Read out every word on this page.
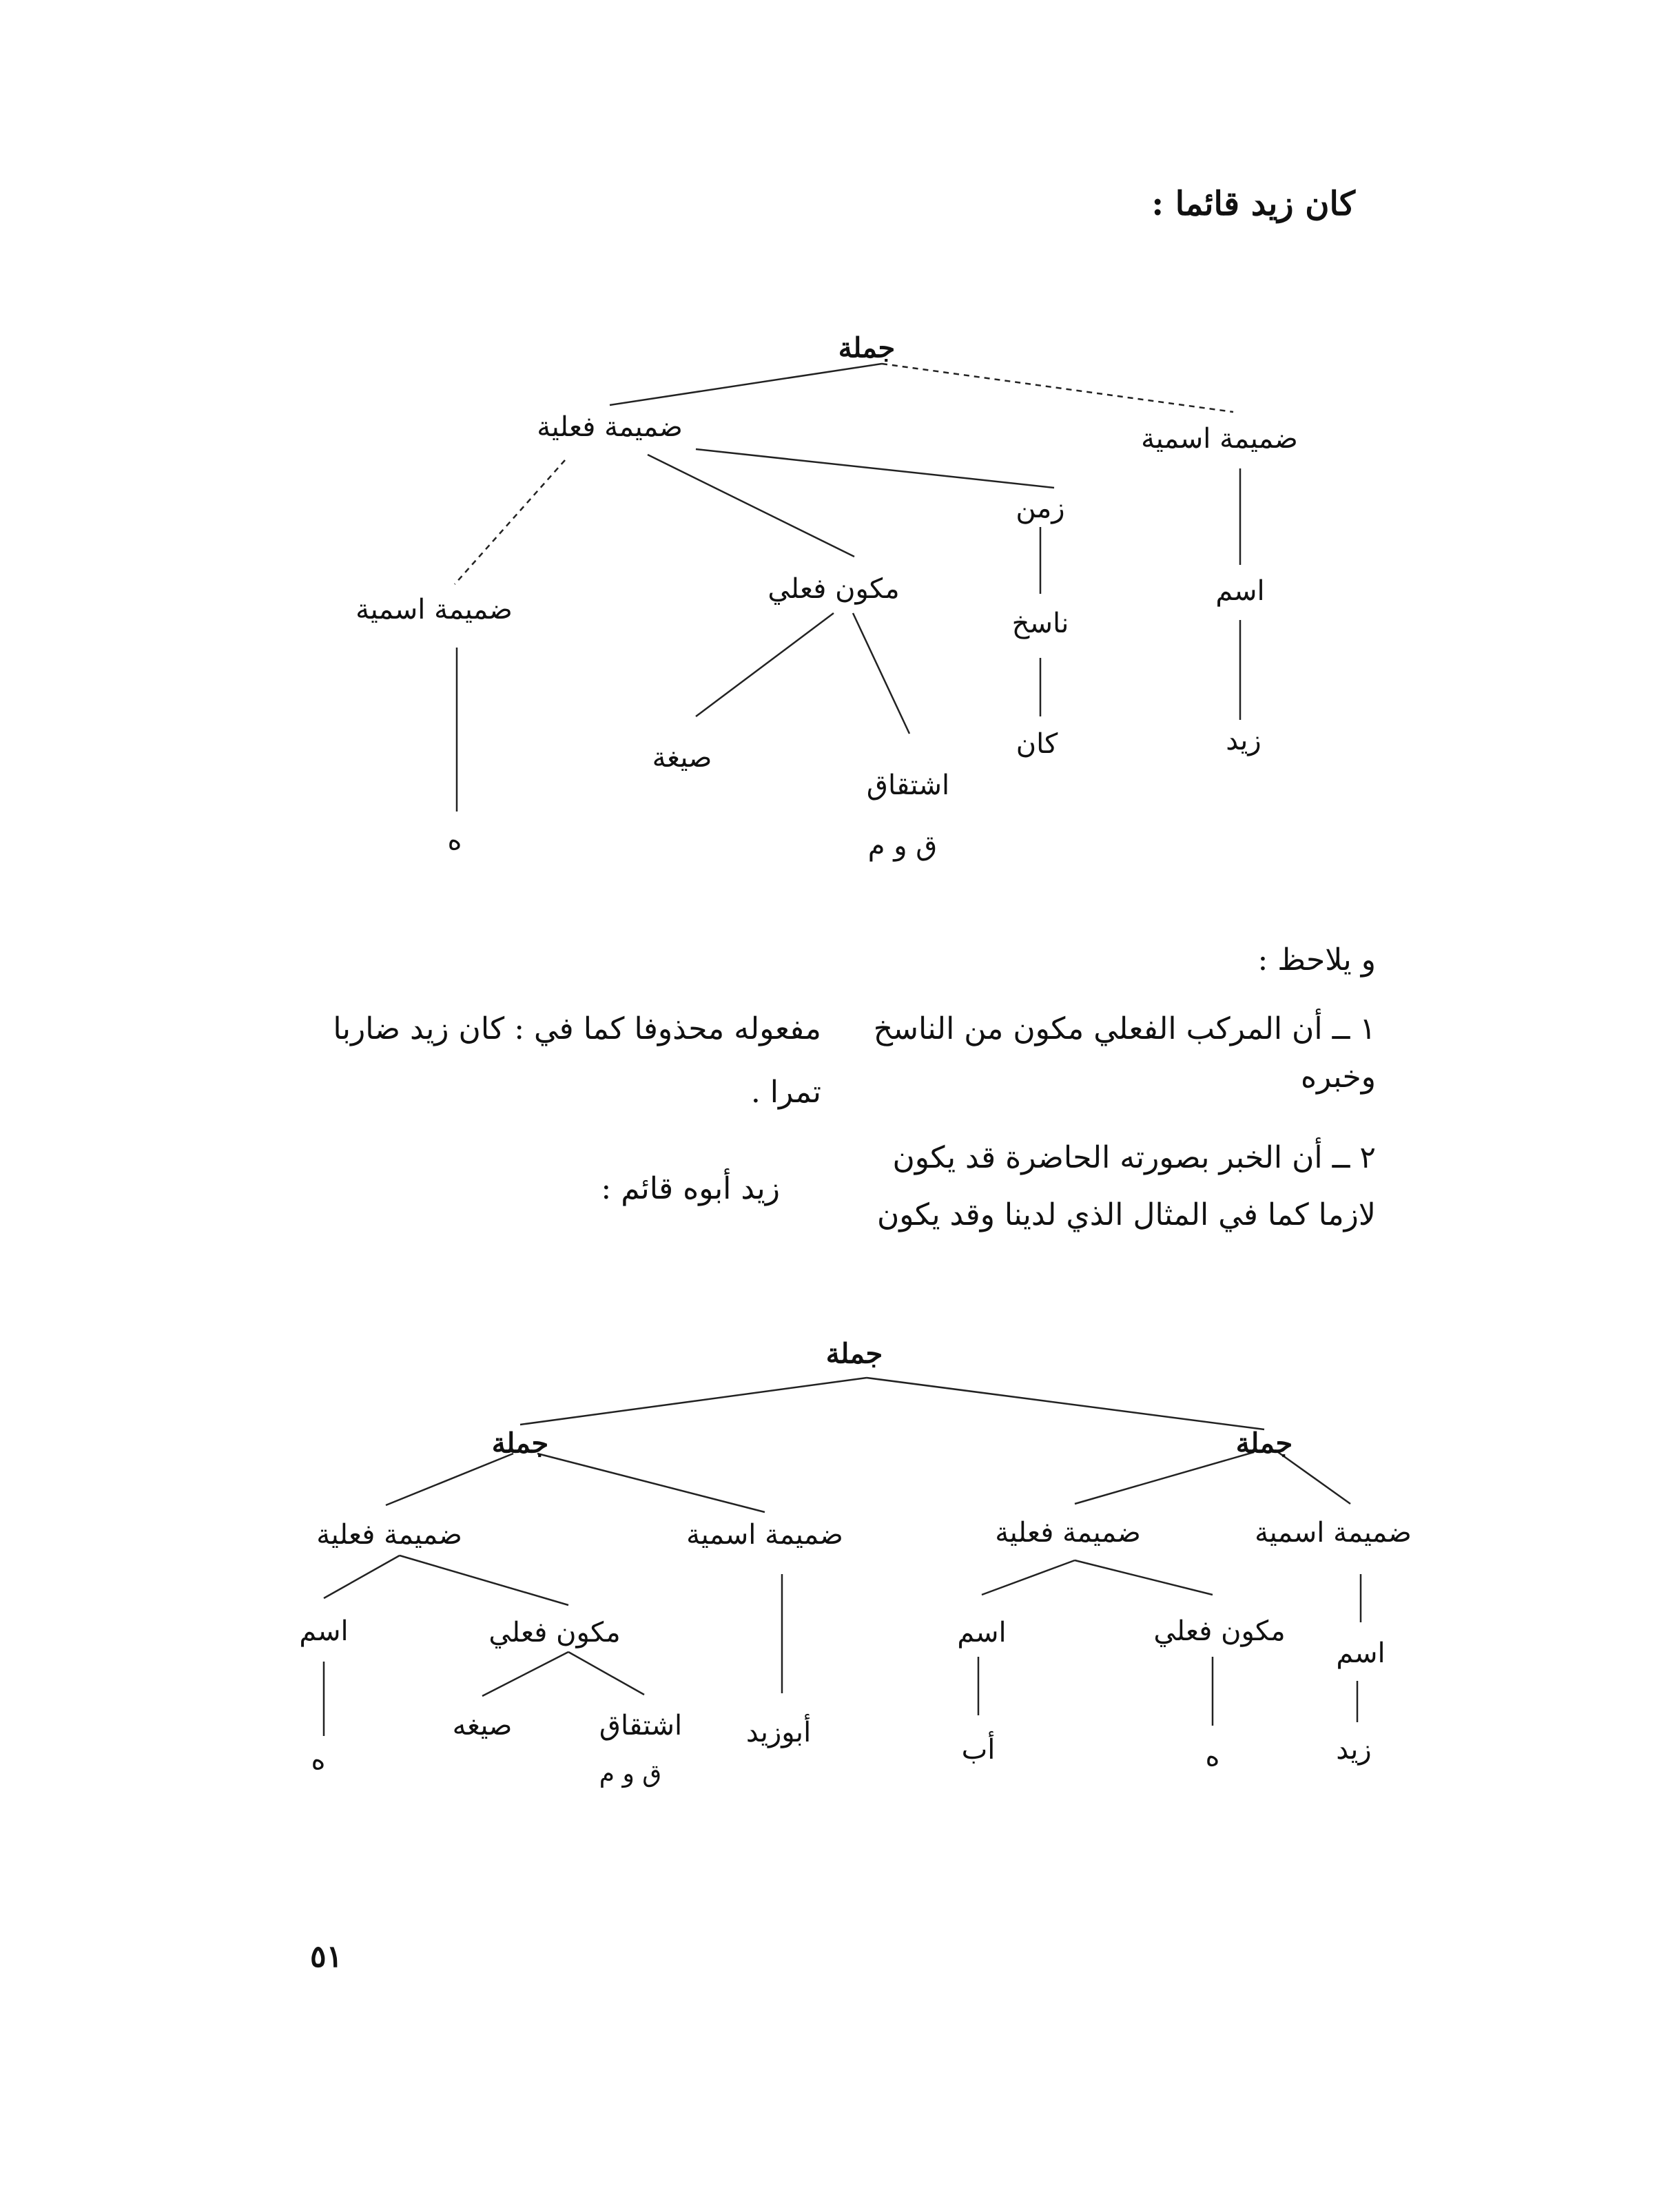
كان زيد قائما :
جملة
ضميمة فعلية	ضميمة اسمية
زمن
ناسخ
كان
اسم
زيد
مكون فعلي
صيغة
اشتقاق
ق و م
ضميمة اسمية
ه
و يلاحظ :
١ ــ أن المركب الفعلي مكون من الناسخ
مفعوله محذوفا كما في : كان زيد ضاربا
وخبره
تمرا .
٢ ــ أن الخبر بصورته الحاضرة قد يكون
زيد أبوه قائم :
لازما كما في المثال الذي لدينا وقد يكون
جملة
جملة	جملة
ضميمة فعلية	ضميمة اسمية
اسم	مكون فعلي
ه
صيغه	اشتقاق
ق و م
أبوزيد
ضميمة فعلية	ضميمة اسمية
اسم
أب
مكون فعلي
ه
اسم
زيد
٥١
